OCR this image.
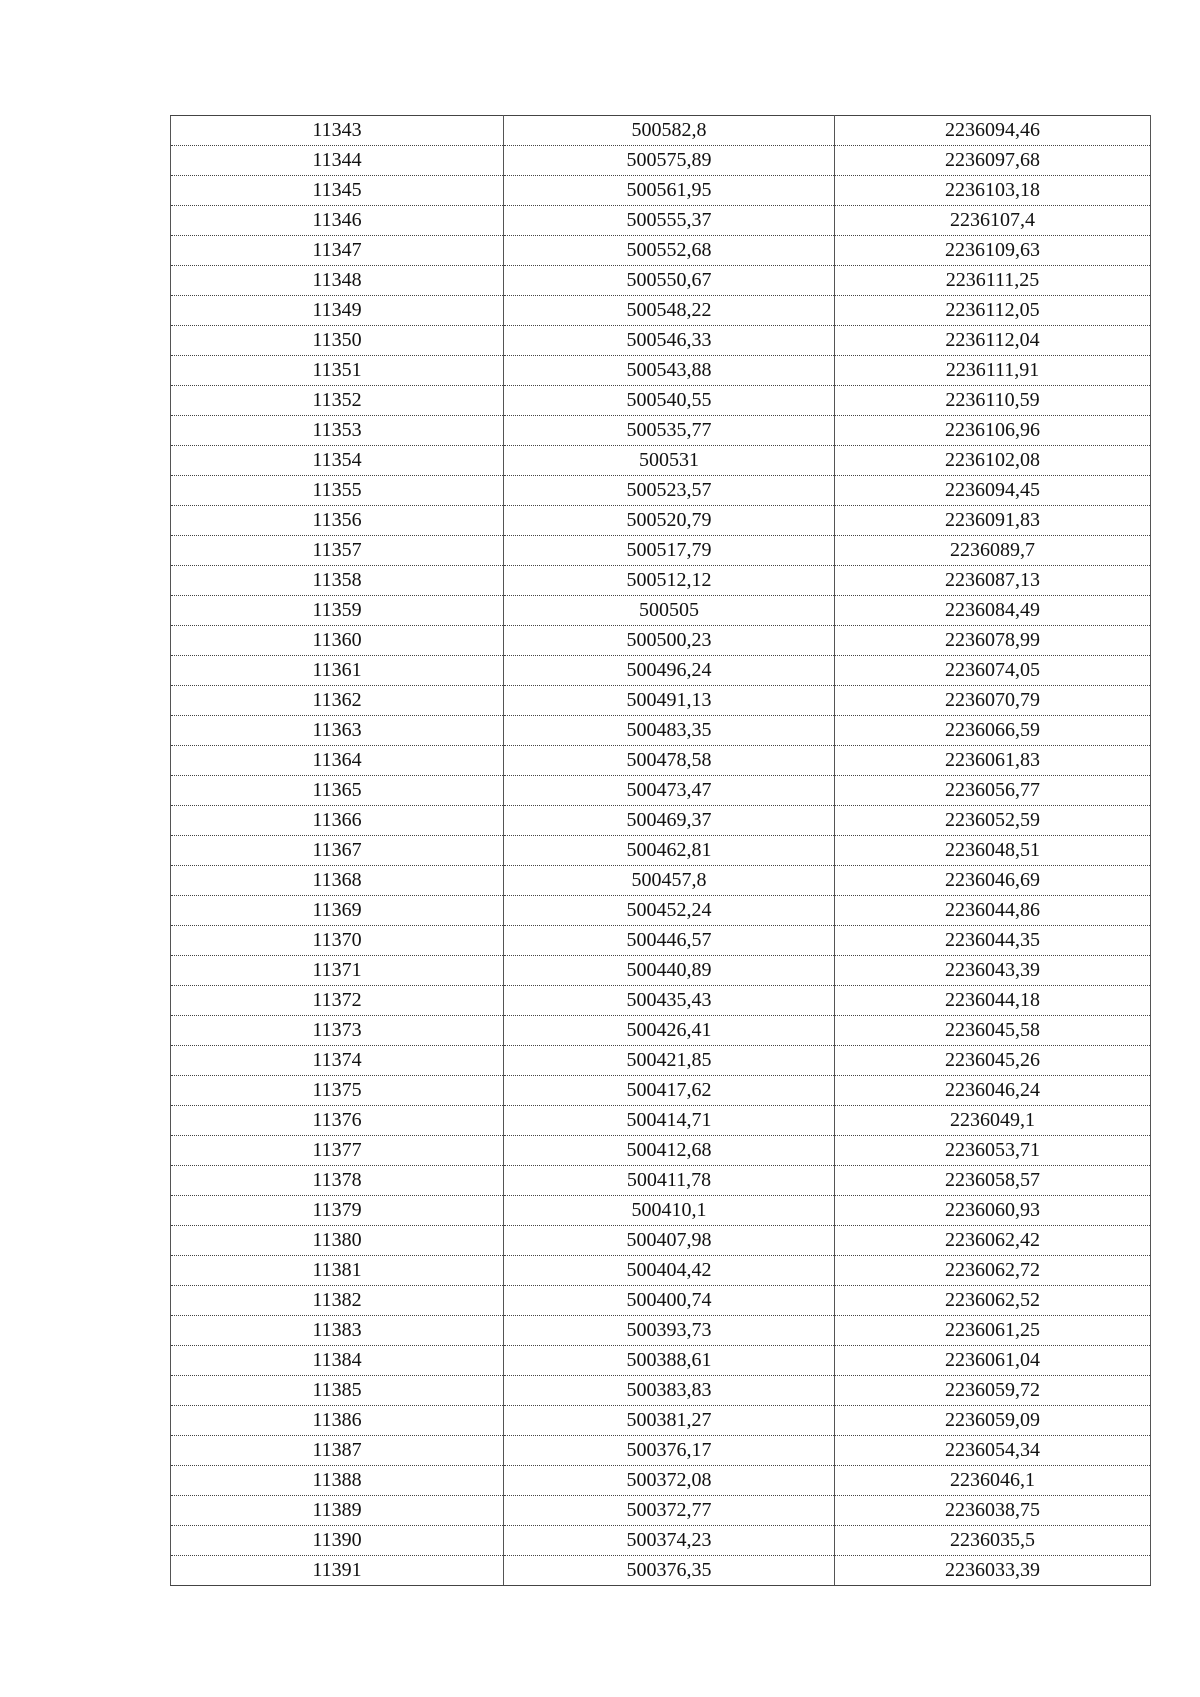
11343	500582,8	2236094,46
11344	500575,89	2236097,68
11345	500561,95	2236103,18
11346	500555,37	2236107,4
11347	500552,68	2236109,63
11348	500550,67	2236111,25
11349	500548,22	2236112,05
11350	500546,33	2236112,04
11351	500543,88	2236111,91
11352	500540,55	2236110,59
11353	500535,77	2236106,96
11354	500531	2236102,08
11355	500523,57	2236094,45
11356	500520,79	2236091,83
11357	500517,79	2236089,7
11358	500512,12	2236087,13
11359	500505	2236084,49
11360	500500,23	2236078,99
11361	500496,24	2236074,05
11362	500491,13	2236070,79
11363	500483,35	2236066,59
11364	500478,58	2236061,83
11365	500473,47	2236056,77
11366	500469,37	2236052,59
11367	500462,81	2236048,51
11368	500457,8	2236046,69
11369	500452,24	2236044,86
11370	500446,57	2236044,35
11371	500440,89	2236043,39
11372	500435,43	2236044,18
11373	500426,41	2236045,58
11374	500421,85	2236045,26
11375	500417,62	2236046,24
11376	500414,71	2236049,1
11377	500412,68	2236053,71
11378	500411,78	2236058,57
11379	500410,1	2236060,93
11380	500407,98	2236062,42
11381	500404,42	2236062,72
11382	500400,74	2236062,52
11383	500393,73	2236061,25
11384	500388,61	2236061,04
11385	500383,83	2236059,72
11386	500381,27	2236059,09
11387	500376,17	2236054,34
11388	500372,08	2236046,1
11389	500372,77	2236038,75
11390	500374,23	2236035,5
11391	500376,35	2236033,39
